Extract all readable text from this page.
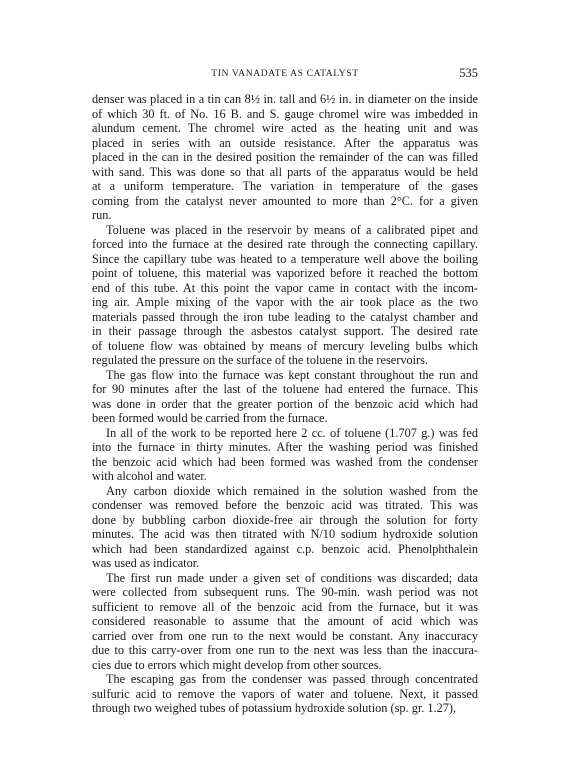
TIN VANADATE AS CATALYST	535
denser was placed in a tin can 8½ in. tall and 6½ in. in diameter on the inside
of which 30 ft. of No. 16 B. and S. gauge chromel wire was imbedded in
alundum cement. The chromel wire acted as the heating unit and was
placed in series with an outside resistance. After the apparatus was
placed in the can in the desired position the remainder of the can was filled
with sand. This was done so that all parts of the apparatus would be held
at a uniform temperature. The variation in temperature of the gases
coming from the catalyst never amounted to more than 2°C. for a given
run.
Toluene was placed in the reservoir by means of a calibrated pipet and
forced into the furnace at the desired rate through the connecting capillary.
Since the capillary tube was heated to a temperature well above the boiling
point of toluene, this material was vaporized before it reached the bottom
end of this tube. At this point the vapor came in contact with the incom-
ing air. Ample mixing of the vapor with the air took place as the two
materials passed through the iron tube leading to the catalyst chamber and
in their passage through the asbestos catalyst support. The desired rate
of toluene flow was obtained by means of mercury leveling bulbs which
regulated the pressure on the surface of the toluene in the reservoirs.
The gas flow into the furnace was kept constant throughout the run and
for 90 minutes after the last of the toluene had entered the furnace. This
was done in order that the greater portion of the benzoic acid which had
been formed would be carried from the furnace.
In all of the work to be reported here 2 cc. of toluene (1.707 g.) was fed
into the furnace in thirty minutes. After the washing period was finished
the benzoic acid which had been formed was washed from the condenser
with alcohol and water.
Any carbon dioxide which remained in the solution washed from the
condenser was removed before the benzoic acid was titrated. This was
done by bubbling carbon dioxide-free air through the solution for forty
minutes. The acid was then titrated with N/10 sodium hydroxide solution
which had been standardized against c.p. benzoic acid. Phenolphthalein
was used as indicator.
The first run made under a given set of conditions was discarded; data
were collected from subsequent runs. The 90-min. wash period was not
sufficient to remove all of the benzoic acid from the furnace, but it was
considered reasonable to assume that the amount of acid which was
carried over from one run to the next would be constant. Any inaccuracy
due to this carry-over from one run to the next was less than the inaccura-
cies due to errors which might develop from other sources.
The escaping gas from the condenser was passed through concentrated
sulfuric acid to remove the vapors of water and toluene. Next, it passed
through two weighed tubes of potassium hydroxide solution (sp. gr. 1.27),
